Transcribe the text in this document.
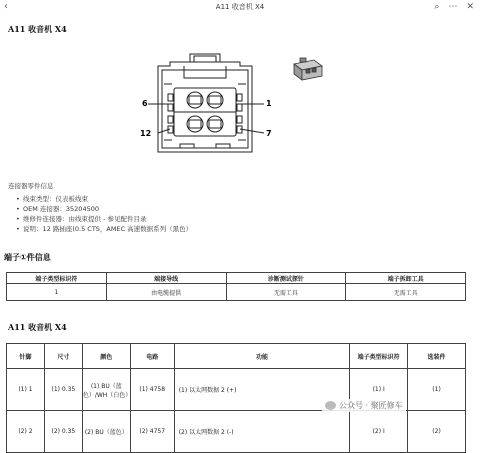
‹	A11 收音机 X4	⌕ ⋯ ✕
A11 收音机 X4
6	1
12	7
连接器零件信息
• 线束类型：仪表板线束
• OEM 连接器：35204500
• 维修件连接器：由线束提供 - 参见配件目录
• 说明：12 路插座(0.5 CTS，AMEC 高速数据系列（黑色）
端子①件信息
端子类型标识符	端接导线	诊断测试探针	端子拆卸工具
1	由电缆提供	无需工具	无需工具
A11 收音机 X4
针脚	尺寸	颜色	电路	功能	端子类型标识符	选装件
(1) 1	(1) 0.35	(1) BU（蓝色）/WH（白色）	(1) 4758	(1) 以太网数据 2 (+)	(1) I	(1)
(2) 2	(2) 0.35	(2) BU（蓝色）	(2) 4757	(2) 以太网数据 2 (-)	(2) I	(2)
公众号 · 聚匠修车
